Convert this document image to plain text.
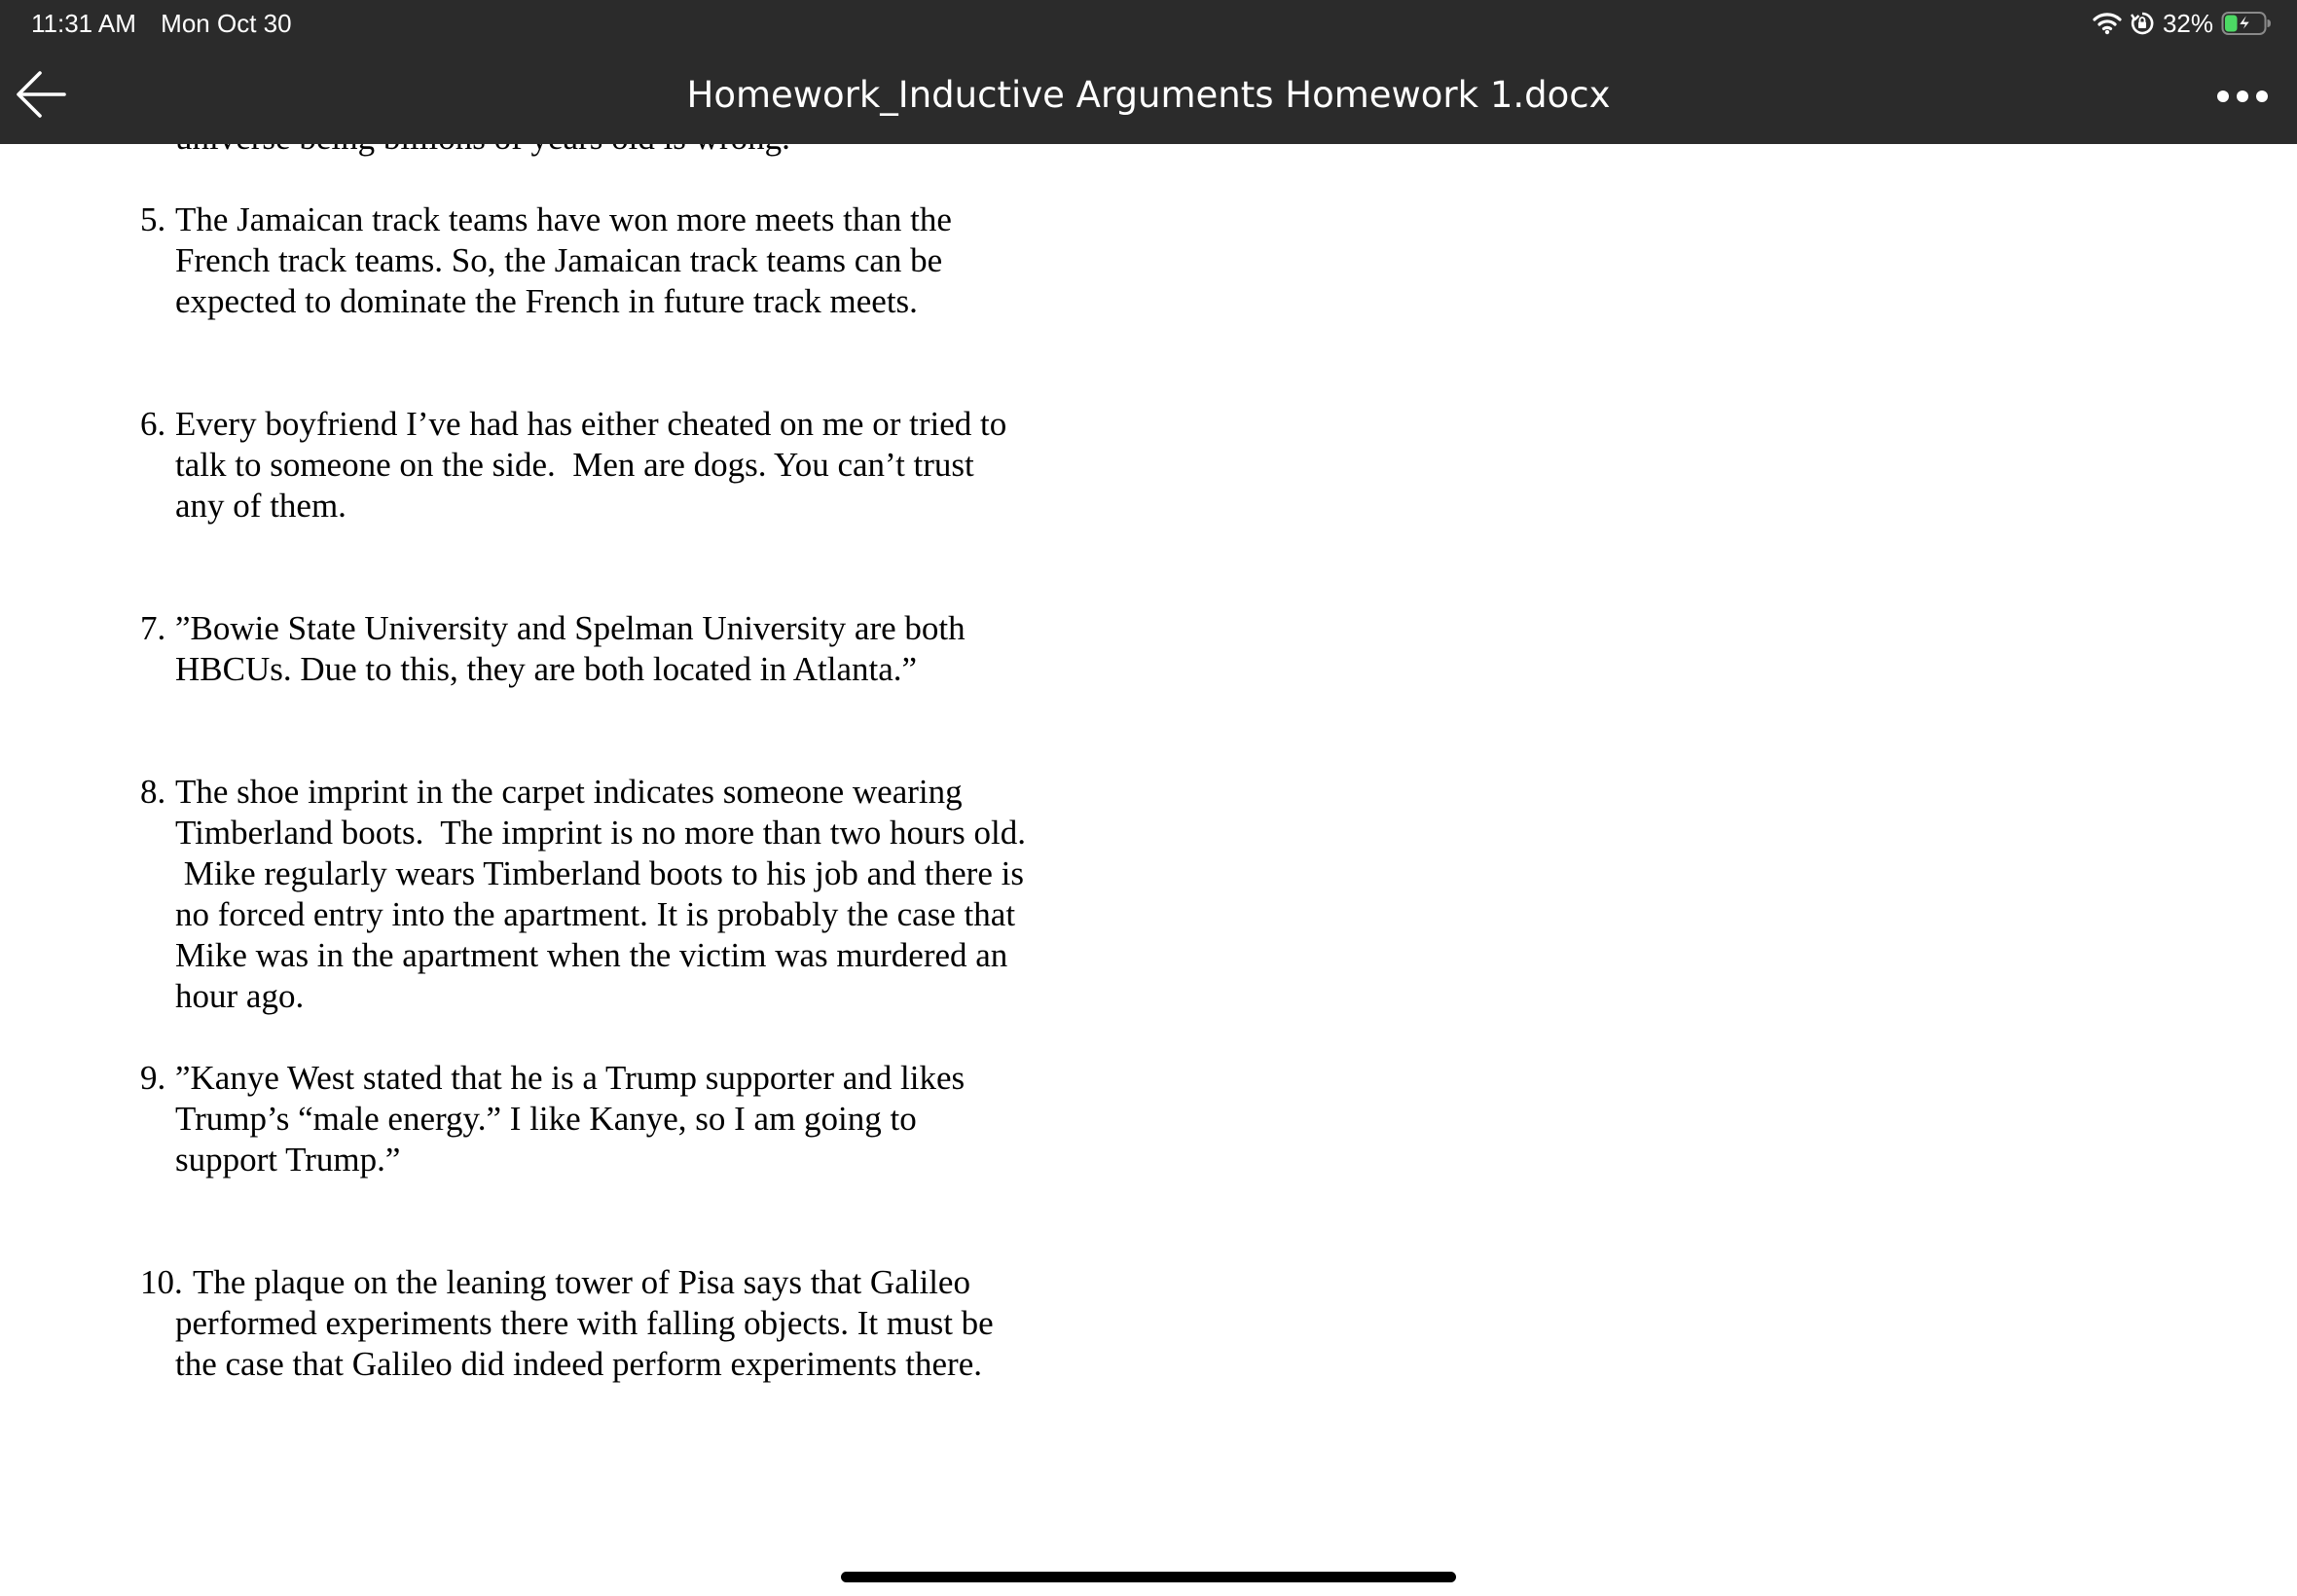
11:31 AM Mon Oct 30	32%
Homework_Inductive Arguments Homework 1.docx
5. The Jamaican track teams have won more meets than the
French track teams. So, the Jamaican track teams can be
expected to dominate the French in future track meets.
6. Every boyfriend I’ve had has either cheated on me or tried to
talk to someone on the side.  Men are dogs. You can’t trust
any of them.
7. ”Bowie State University and Spelman University are both
HBCUs. Due to this, they are both located in Atlanta.”
8. The shoe imprint in the carpet indicates someone wearing
Timberland boots.  The imprint is no more than two hours old.
Mike regularly wears Timberland boots to his job and there is
no forced entry into the apartment. It is probably the case that
Mike was in the apartment when the victim was murdered an
hour ago.
9. ”Kanye West stated that he is a Trump supporter and likes
Trump’s “male energy.” I like Kanye, so I am going to
support Trump.”
10. The plaque on the leaning tower of Pisa says that Galileo
performed experiments there with falling objects. It must be
the case that Galileo did indeed perform experiments there.
